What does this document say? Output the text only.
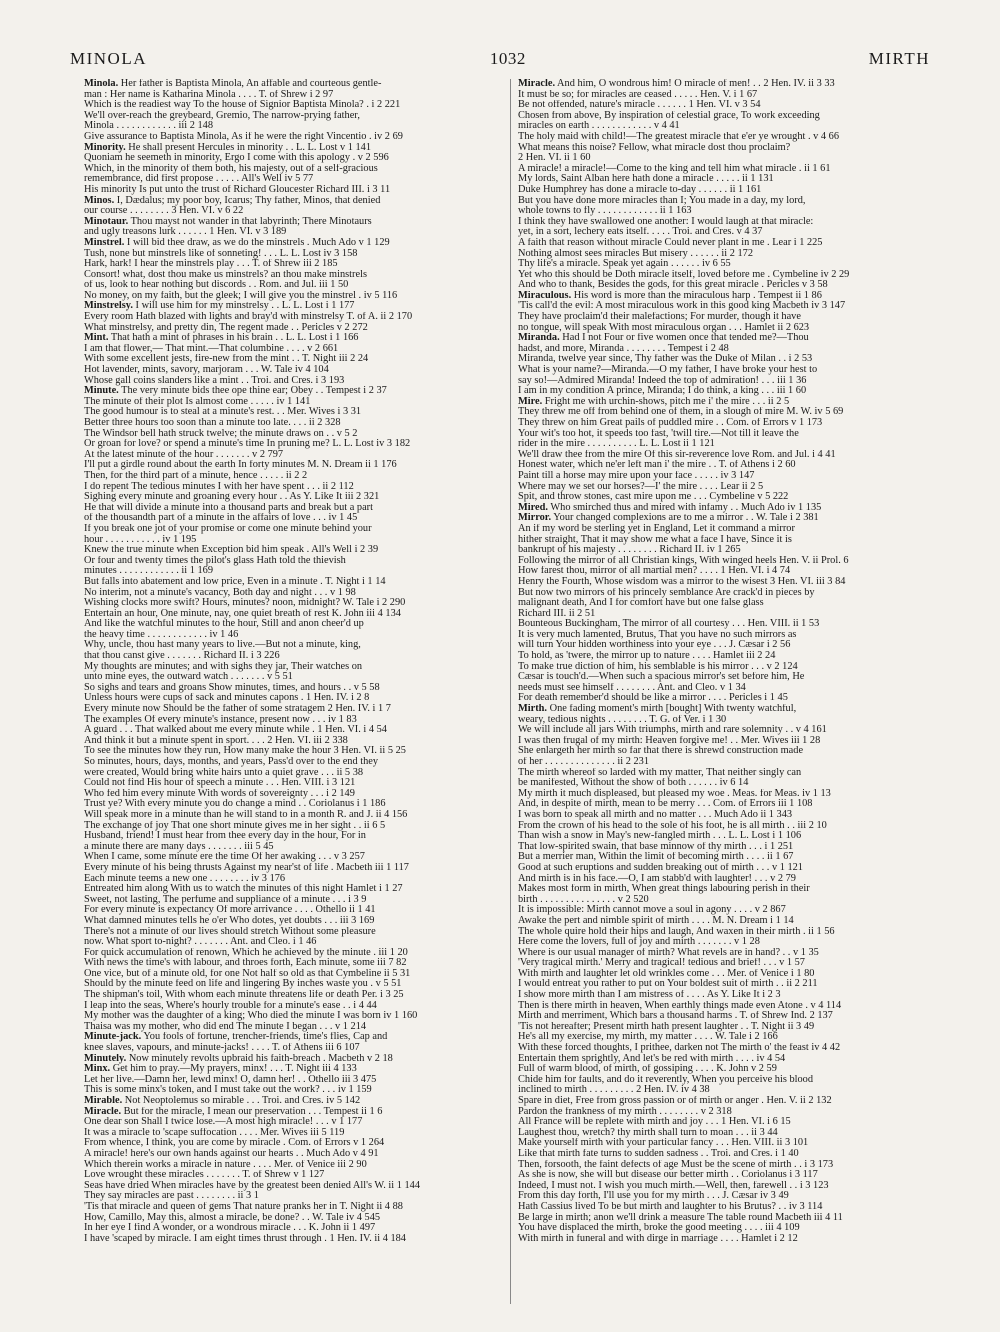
MINOLA	1032	MIRTH
Minola. Her father is Baptista Minola, An affable and courteous gentle-
man : Her name is Katharina Minola . . . . T. of Shrew i 2 97
Which is the readiest way To the house of Signior Baptista Minola? . i 2 221
We'll over-reach the greybeard, Gremio, The narrow-prying father,
Minola . . . . . . . . . . . . iii 2 148
Give assurance to Baptista Minola, As if he were the right Vincentio . iv 2 69
Minority. He shall present Hercules in minority . . L. L. Lost v 1 141
Quoniam he seemeth in minority, Ergo I come with this apology . v 2 596
Which, in the minority of them both, his majesty, out of a self-gracious
remembrance, did first propose . . . . . All's Well iv 5 77
His minority Is put unto the trust of Richard Gloucester Richard III. i 3 11
Minos. I, Dædalus; my poor boy, Icarus; Thy father, Minos, that denied
our course . . . . . . . . 3 Hen. VI. v 6 22
Minotaur. Thou mayst not wander in that labyrinth; There Minotaurs
and ugly treasons lurk . . . . . . 1 Hen. VI. v 3 189
Minstrel. I will bid thee draw, as we do the minstrels . Much Ado v 1 129
Tush, none but minstrels like of sonneting! . . . L. L. Lost iv 3 158
Hark, hark! I hear the minstrels play . . . T. of Shrew iii 2 185
Consort! what, dost thou make us minstrels? an thou make minstrels
of us, look to hear nothing but discords . . Rom. and Jul. iii 1 50
No money, on my faith, but the gleek; I will give you the minstrel . iv 5 116
Minstrelsy. I will use him for my minstrelsy . . L. L. Lost i 1 177
Every room Hath blazed with lights and bray'd with minstrelsy T. of A. ii 2 170
What minstrelsy, and pretty din, The regent made . . Pericles v 2 272
Mint. That hath a mint of phrases in his brain . . L. L. Lost i 1 166
I am that flower,— That mint.—That columbine . . . . v 2 661
With some excellent jests, fire-new from the mint . . T. Night iii 2 24
Hot lavender, mints, savory, marjoram . . . W. Tale iv 4 104
Whose gall coins slanders like a mint . . Troi. and Cres. i 3 193
Minute. The very minute bids thee ope thine ear; Obey . . Tempest i 2 37
The minute of their plot Is almost come . . . . . iv 1 141
The good humour is to steal at a minute's rest. . . Mer. Wives i 3 31
Better three hours too soon than a minute too late. . . . ii 2 328
The Windsor bell hath struck twelve; the minute draws on . . v 5 2
Or groan for love? or spend a minute's time In pruning me? L. L. Lost iv 3 182
At the latest minute of the hour . . . . . . . v 2 797
I'll put a girdle round about the earth In forty minutes M. N. Dream ii 1 176
Then, for the third part of a minute, hence . . . . . ii 2 2
I do repent The tedious minutes I with her have spent . . . ii 2 112
Sighing every minute and groaning every hour . . As Y. Like It iii 2 321
He that will divide a minute into a thousand parts and break but a part
of the thousandth part of a minute in the affairs of love . . . iv 1 45
If you break one jot of your promise or come one minute behind your
hour . . . . . . . . . . . iv 1 195
Knew the true minute when Exception bid him speak . All's Well i 2 39
Or four and twenty times the pilot's glass Hath told the thievish
minutes . . . . . . . . . . . . ii 1 169
But falls into abatement and low price, Even in a minute . T. Night i 1 14
No interim, not a minute's vacancy, Both day and night . . . v 1 98
Wishing clocks more swift? Hours, minutes? noon, midnight? W. Tale i 2 290
Entertain an hour, One minute, nay, one quiet breath of rest K. John iii 4 134
And like the watchful minutes to the hour, Still and anon cheer'd up
the heavy time . . . . . . . . . . . . iv 1 46
Why, uncle, thou hast many years to live.—But not a minute, king,
that thou canst give . . . . . . . Richard II. i 3 226
My thoughts are minutes; and with sighs they jar, Their watches on
unto mine eyes, the outward watch . . . . . . . v 5 51
So sighs and tears and groans Show minutes, times, and hours . . v 5 58
Unless hours were cups of sack and minutes capons . 1 Hen. IV. i 2 8
Every minute now Should be the father of some stratagem 2 Hen. IV. i 1 7
The examples Of every minute's instance, present now . . . iv 1 83
A guard . . . That walked about me every minute while . 1 Hen. VI. i 4 54
And think it but a minute spent in sport. . . . 2 Hen. VI. iii 2 338
To see the minutes how they run, How many make the hour 3 Hen. VI. ii 5 25
So minutes, hours, days, months, and years, Pass'd over to the end they
were created, Would bring white hairs unto a quiet grave . . . ii 5 38
Could not find His hour of speech a minute . . . Hen. VIII. i 3 121
Who fed him every minute With words of sovereignty . . . i 2 149
Trust ye? With every minute you do change a mind . . Coriolanus i 1 186
Will speak more in a minute than he will stand to in a month R. and J. ii 4 156
The exchange of joy That one short minute gives me in her sight . . ii 6 5
Husband, friend! I must hear from thee every day in the hour, For in
a minute there are many days . . . . . . . iii 5 45
When I came, some minute ere the time Of her awaking . . . v 3 257
Every minute of his being thrusts Against my near'st of life . Macbeth iii 1 117
Each minute teems a new one . . . . . . . . iv 3 176
Entreated him along With us to watch the minutes of this night Hamlet i 1 27
Sweet, not lasting, The perfume and suppliance of a minute . . . i 3 9
For every minute is expectancy Of more arrivance . . . . Othello ii 1 41
What damned minutes tells he o'er Who dotes, yet doubts . . . iii 3 169
There's not a minute of our lives should stretch Without some pleasure
now. What sport to-night? . . . . . . . Ant. and Cleo. i 1 46
For quick accumulation of renown, Which he achieved by the minute . iii 1 20
With news the time's with labour, and throes forth, Each minute, some iii 7 82
One vice, but of a minute old, for one Not half so old as that Cymbeline ii 5 31
Should by the minute feed on life and lingering By inches waste you . v 5 51
The shipman's toil, With whom each minute threatens life or death Per. i 3 25
I leap into the seas, Where's hourly trouble for a minute's ease . . i 4 44
My mother was the daughter of a king; Who died the minute I was born iv 1 160
Thaisa was my mother, who did end The minute I began . . . v 1 214
Minute-jack. You fools of fortune, trencher-friends, time's flies, Cap and
knee slaves, vapours, and minute-jacks! . . . . T. of Athens iii 6 107
Minutely. Now minutely revolts upbraid his faith-breach . Macbeth v 2 18
Minx. Get him to pray.—My prayers, minx! . . . T. Night iii 4 133
Let her live.—Damn her, lewd minx! O, damn her! . . Othello iii 3 475
This is some minx's token, and I must take out the work? . . . iv 1 159
Mirable. Not Neoptolemus so mirable . . . Troi. and Cres. iv 5 142
Miracle. But for the miracle, I mean our preservation . . . Tempest ii 1 6
One dear son Shall I twice lose.—A most high miracle! . . . v 1 177
It was a miracle to 'scape suffocation . . . . Mer. Wives iii 5 119
From whence, I think, you are come by miracle . Com. of Errors v 1 264
A miracle! here's our own hands against our hearts . . Much Ado v 4 91
Which therein works a miracle in nature . . . . Mer. of Venice iii 2 90
Love wrought these miracles . . . . . . . T. of Shrew v 1 127
Seas have dried When miracles have by the greatest been denied All's W. ii 1 144
They say miracles are past . . . . . . . . ii 3 1
'Tis that miracle and queen of gems That nature pranks her in T. Night ii 4 88
How, Camillo, May this, almost a miracle, be done? . . W. Tale iv 4 545
In her eye I find A wonder, or a wondrous miracle . . . K. John ii 1 497
I have 'scaped by miracle. I am eight times thrust through . 1 Hen. IV. ii 4 184
Miracle. And him, O wondrous him! O miracle of men! . . 2 Hen. IV. ii 3 33
It must be so; for miracles are ceased . . . . . Hen. V. i 1 67
Be not offended, nature's miracle . . . . . . 1 Hen. VI. v 3 54
Chosen from above, By inspiration of celestial grace, To work exceeding
miracles on earth . . . . . . . . . . . . v 4 41
The holy maid with child!—The greatest miracle that e'er ye wrought . v 4 66
What means this noise? Fellow, what miracle dost thou proclaim?
2 Hen. VI. ii 1 60
A miracle! a miracle!—Come to the king and tell him what miracle . ii 1 61
My lords, Saint Alban here hath done a miracle . . . . . ii 1 131
Duke Humphrey has done a miracle to-day . . . . . . ii 1 161
But you have done more miracles than I; You made in a day, my lord,
whole towns to fly . . . . . . . . . . . . ii 1 163
I think they have swallowed one another: I would laugh at that miracle:
yet, in a sort, lechery eats itself. . . . . Troi. and Cres. v 4 37
A faith that reason without miracle Could never plant in me . Lear i 1 225
Nothing almost sees miracles But misery . . . . . . ii 2 172
Thy life's a miracle. Speak yet again . . . . . . iv 6 55
Yet who this should be Doth miracle itself, loved before me . Cymbeline iv 2 29
And who to thank, Besides the gods, for this great miracle . Pericles v 3 58
Miraculous. His word is more than the miraculous harp . Tempest ii 1 86
'Tis call'd the evil: A most miraculous work in this good king Macbeth iv 3 147
They have proclaim'd their malefactions; For murder, though it have
no tongue, will speak With most miraculous organ . . . Hamlet ii 2 623
Miranda. Had I not Four or five women once that tended me?—Thou
hadst, and more, Miranda . . . . . . . . Tempest i 2 48
Miranda, twelve year since, Thy father was the Duke of Milan . . i 2 53
What is your name?—Miranda.—O my father, I have broke your hest to
say so!—Admired Miranda! Indeed the top of admiration! . . . iii 1 36
I am in my condition A prince, Miranda; I do think, a king . . . iii 1 60
Mire. Fright me with urchin-shows, pitch me i' the mire . . . ii 2 5
They threw me off from behind one of them, in a slough of mire M. W. iv 5 69
They threw on him Great pails of puddled mire . . Com. of Errors v 1 173
Your wit's too hot, it speeds too fast, 'twill tire.—Not till it leave the
rider in the mire . . . . . . . . . . L. L. Lost ii 1 121
We'll draw thee from the mire Of this sir-reverence love Rom. and Jul. i 4 41
Honest water, which ne'er left man i' the mire . . T. of Athens i 2 60
Paint till a horse may mire upon your face . . . . . iv 3 147
Where may we set our horses?—I' the mire . . . . Lear ii 2 5
Spit, and throw stones, cast mire upon me . . . Cymbeline v 5 222
Mired. Who smirched thus and mired with infamy . . Much Ado iv 1 135
Mirror. Your changed complexions are to me a mirror . . W. Tale i 2 381
An if my word be sterling yet in England, Let it command a mirror
hither straight, That it may show me what a face I have, Since it is
bankrupt of his majesty . . . . . . . . Richard II. iv 1 265
Following the mirror of all Christian kings, With winged heels Hen. V. ii Prol. 6
How farest thou, mirror of all martial men? . . . . 1 Hen. VI. i 4 74
Henry the Fourth, Whose wisdom was a mirror to the wisest 3 Hen. VI. iii 3 84
But now two mirrors of his princely semblance Are crack'd in pieces by
malignant death, And I for comfort have but one false glass
Richard III. ii 2 51
Bounteous Buckingham, The mirror of all courtesy . . . Hen. VIII. ii 1 53
It is very much lamented, Brutus, That you have no such mirrors as
will turn Your hidden worthiness into your eye . . . J. Cæsar i 2 56
To hold, as 'twere, the mirror up to nature . . . . Hamlet iii 2 24
To make true diction of him, his semblable is his mirror . . . v 2 124
Cæsar is touch'd.—When such a spacious mirror's set before him, He
needs must see himself . . . . . . . . Ant. and Cleo. v 1 34
For death remember'd should be like a mirror . . . . Pericles i 1 45
Mirth. One fading moment's mirth [bought] With twenty watchful,
weary, tedious nights . . . . . . . . T. G. of Ver. i 1 30
We will include all jars With triumphs, mirth and rare solemnity . . v 4 161
I was then frugal of my mirth: Heaven forgive me! . . Mer. Wives iii 1 28
She enlargeth her mirth so far that there is shrewd construction made
of her . . . . . . . . . . . . . . ii 2 231
The mirth whereof so larded with my matter, That neither singly can
be manifested, Without the show of both . . . . . . iv 6 14
My mirth it much displeased, but pleased my woe . Meas. for Meas. iv 1 13
And, in despite of mirth, mean to be merry . . . Com. of Errors iii 1 108
I was born to speak all mirth and no matter . . . Much Ado ii 1 343
From the crown of his head to the sole of his foot, he is all mirth . . iii 2 10
Than wish a snow in May's new-fangled mirth . . . L. L. Lost i 1 106
That low-spirited swain, that base minnow of thy mirth . . . i 1 251
But a merrier man, Within the limit of becoming mirth . . . . ii 1 67
Good at such eruptions and sudden breaking out of mirth . . . v 1 121
And mirth is in his face.—O, I am stabb'd with laughter! . . . v 2 79
Makes most form in mirth, When great things labouring perish in their
birth . . . . . . . . . . . . . . . v 2 520
It is impossible: Mirth cannot move a soul in agony . . . . v 2 867
Awake the pert and nimble spirit of mirth . . . . M. N. Dream i 1 14
The whole quire hold their hips and laugh, And waxen in their mirth . ii 1 56
Here come the lovers, full of joy and mirth . . . . . . . v 1 28
Where is our usual manager of mirth? What revels are in hand? . . v 1 35
'Very tragical mirth.' Merry and tragical! tedious and brief! . . . v 1 57
With mirth and laughter let old wrinkles come . . . Mer. of Venice i 1 80
I would entreat you rather to put on Your boldest suit of mirth . . ii 2 211
I show more mirth than I am mistress of . . . . As Y. Like It i 2 3
Then is there mirth in heaven, When earthly things made even Atone . v 4 114
Mirth and merriment, Which bars a thousand harms . T. of Shrew Ind. 2 137
'Tis not hereafter; Present mirth hath present laughter . . T. Night ii 3 49
He's all my exercise, my mirth, my matter . . . . W. Tale i 2 166
With these forced thoughts, I prithee, darken not The mirth o' the feast iv 4 42
Entertain them sprightly, And let's be red with mirth . . . . iv 4 54
Full of warm blood, of mirth, of gossiping . . . . K. John v 2 59
Chide him for faults, and do it reverently, When you perceive his blood
inclined to mirth . . . . . . . . . 2 Hen. IV. iv 4 38
Spare in diet, Free from gross passion or of mirth or anger . Hen. V. ii 2 132
Pardon the frankness of my mirth . . . . . . . . v 2 318
All France will be replete with mirth and joy . . . 1 Hen. VI. i 6 15
Laughest thou, wretch? thy mirth shall turn to moan . . . ii 3 44
Make yourself mirth with your particular fancy . . . Hen. VIII. ii 3 101
Like that mirth fate turns to sudden sadness . . Troi. and Cres. i 1 40
Then, forsooth, the faint defects of age Must be the scene of mirth . . i 3 173
As she is now, she will but disease our better mirth . . Coriolanus i 3 117
Indeed, I must not. I wish you much mirth.—Well, then, farewell . . i 3 123
From this day forth, I'll use you for my mirth . . . J. Cæsar iv 3 49
Hath Cassius lived To be but mirth and laughter to his Brutus? . . iv 3 114
Be large in mirth; anon we'll drink a measure The table round Macbeth iii 4 11
You have displaced the mirth, broke the good meeting . . . . iii 4 109
With mirth in funeral and with dirge in marriage . . . . Hamlet i 2 12
